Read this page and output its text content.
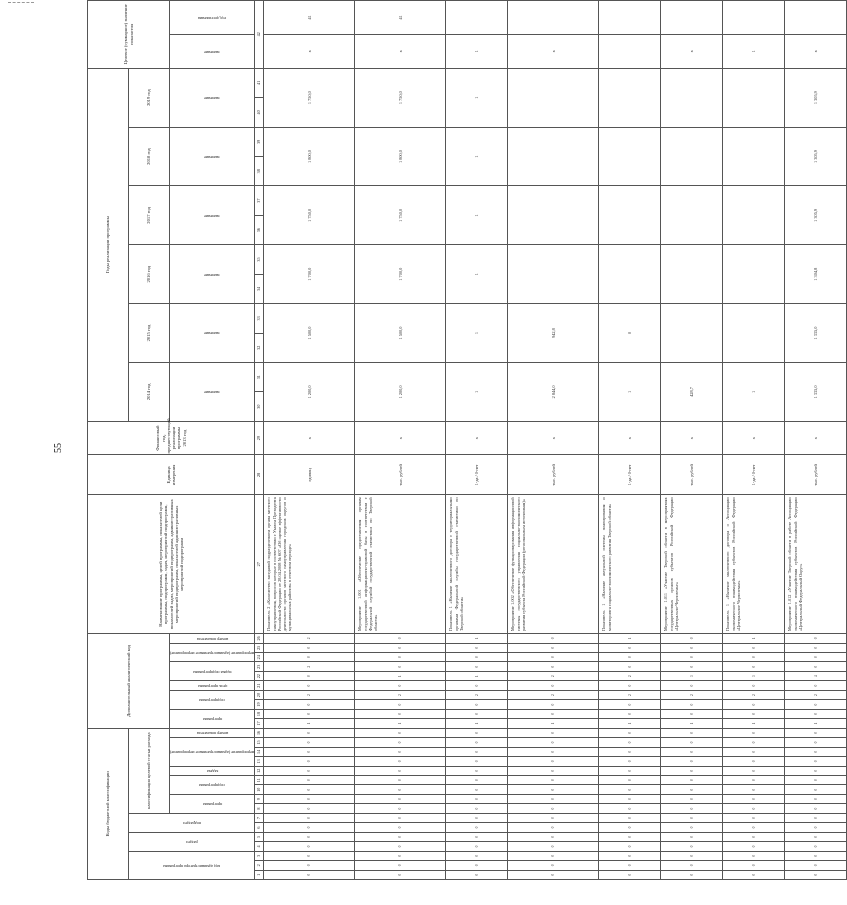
55
Коды бюджетной классификации																Дополнительный аналитический код										Наименование программы, целей программы, показателей цели программы, подпрограмм, задач, мероприятий подпрограмм, показателей задач, мероприятий подпрограмм, административных мероприятий подпрограмм, показателей административных мероприятий подпрограмм	Единица измерения	Финансовый год, предшествующий реализации программы 2013 год	Годы реализации программы												Целевое (суммарное) значение показателя	

код администратора программы			раздел		подраздел		классификация целевой статьи расхода																						2014 год		2015 год		2016 год		2017 год		2018 год		2019 год			

							программа		подпрограмма		задача	мероприятие (административное мероприятие)			номер показателя	программа		подпрограмма		цель программы	задача подпрограммы		мероприятие (административное мероприятие)		номер показателя				значение		значение		значение		значение		значение		значение		значение	год достижения

1	2	3	4	5	6	7	8	9	10	11	12	13	14	15	16	17	18	19	20	21	22	23	24	25	26	27	28	29	30	31	32	33	34	35	36	37	38	39	40	41	42	
0	0	0	0	0	0	0	0	0	0	0	0	0	0	0	0	1	0	0	2	0	0	2	0	0	2	Показатель 2 «Количество заседаний подразделением органа местного самоуправления, вопросов которые в соответствии с Указом Президента Российской Федерации от 28.04.2008 № 607 «Об оценке эффективности деятельности органов местного самоуправления городских округов и муниципальных районов» в отчетном периоде»	единиц	х	1 200,0		1 500,0		1 700,0		1 750,0		1 800,0		1 750,0		х	41
0	0	0	0	0	0	0	0	0	0	0	0	0	0	0	0	1	0	0	2	0	1	0	0	0	0	Мероприятие 1.001 «Обеспечение предоставления органам государственной информационно-правовой базы в соответствии с Федеральной службой государственной статистики по Тверской области»	тыс. рублей	х	1 200,0		1 500,0		1 700,0		1 750,0		1 800,0		1 750,0		х	41
0	0	0	0	0	0	0	0	0	0	0	0	0	0	0	0	1	0	0	2	0	1	0	0	0	1	Показатель 1 «Наличие заключенного договора с территориальными органами Федеральной службы государственной статистики по Тверской области»	1-да / 0-нет	х	1		1		1		1		1		1		1	
0	0	0	0	0	0	0	0	0	0	0	0	0	0	0	0	1	0	0	2	0	2	0	0	0	0	Мероприятие 1.002 «Обеспечение функционирования информационной системы государственного управления социально-экономического развития субъекта Российской Федерации (региональным источникам)»	тыс. рублей	х	2 844,0		942,8										х	
0	0	0	0	0	0	0	0	0	0	0	0	0	0	0	0	1	0	0	2	0	2	0	0	0	1	Показатель 1 «Наличие актуальной системы планирования и мониторинга социально-экономического развития Тверской области»	1-да / 0-нет	х	1		0											
0	0	0	0	0	0	0	0	0	0	0	0	0	0	0	0	1	0	0	2	0	3	0	0	0	0	Мероприятие 1.011 «Участие Тверской области в мероприятиях государственных органов субъектов Российской Федерации «Центрально-Черноземье»	тыс. рублей	х	428,7												х	
0	0	0	0	0	0	0	0	0	0	0	0	0	0	0	0	1	0	0	2	0	3	0	0	0	1	Показатель 1 «Наличие заключенного договора о Ассоциации экономического взаимодействия субъектов Российской Федерации «Центральное Черноземье»	1-да / 0-нет	х	1												1	
0	0	0	0	0	0	0	0	0	0	0	0	0	0	0	0	1	0	0	2	0	4	0	0	0	0	Мероприятие 1.012 «Участие Тверской области в работе Ассоциации экономического взаимодействия субъектов Российской Федерации «Центральный Федеральный Округ»	тыс. рублей	х	1 335,0		1 335,0		1 304,8		1 305,9		1 305,9		1 305,9		х	
